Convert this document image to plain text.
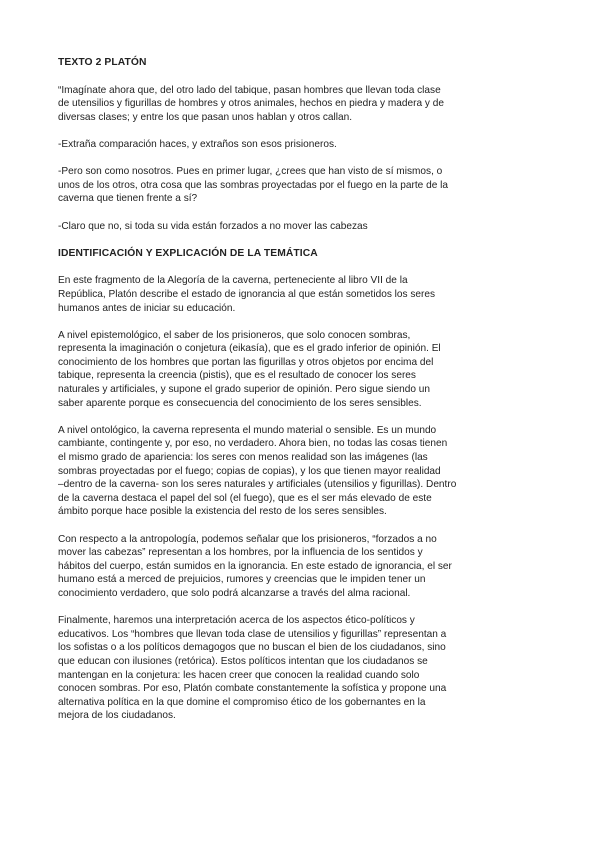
TEXTO 2 PLATÓN
“Imagínate ahora que, del otro lado del tabique, pasan hombres que llevan toda clase
de utensilios y figurillas de hombres y otros animales, hechos en piedra y madera y de
diversas clases; y entre los que pasan unos hablan y otros callan.
-Extraña comparación haces, y extraños son esos prisioneros.
-Pero son como nosotros. Pues en primer lugar, ¿crees que han visto de sí mismos, o
unos de los otros, otra cosa que las sombras proyectadas por el fuego en la parte de la
caverna que tienen frente a sí?
-Claro que no, si toda su vida están forzados a no mover las cabezas
IDENTIFICACIÓN Y EXPLICACIÓN DE LA TEMÁTICA
En este fragmento de la Alegoría de la caverna, perteneciente al libro VII de la
República, Platón describe el estado de ignorancia al que están sometidos los seres
humanos antes de iniciar su educación.
A nivel epistemológico, el saber de los prisioneros, que solo conocen sombras,
representa la imaginación o conjetura (eikasía), que es el grado inferior de opinión. El
conocimiento de los hombres que portan las figurillas y otros objetos por encima del
tabique, representa la creencia (pistis), que es el resultado de conocer los seres
naturales y artificiales, y supone el grado superior de opinión. Pero sigue siendo un
saber aparente porque es consecuencia del conocimiento de los seres sensibles.
A nivel ontológico, la caverna representa el mundo material o sensible. Es un mundo
cambiante, contingente y, por eso, no verdadero. Ahora bien, no todas las cosas tienen
el mismo grado de apariencia: los seres con menos realidad son las imágenes (las
sombras proyectadas por el fuego; copias de copias), y los que tienen mayor realidad
–dentro de la caverna- son los seres naturales y artificiales (utensilios y figurillas). Dentro
de la caverna destaca el papel del sol (el fuego), que es el ser más elevado de este
ámbito porque hace posible la existencia del resto de los seres sensibles.
Con respecto a la antropología, podemos señalar que los prisioneros, “forzados a no
mover las cabezas” representan a los hombres, por la influencia de los sentidos y
hábitos del cuerpo, están sumidos en la ignorancia. En este estado de ignorancia, el ser
humano está a merced de prejuicios, rumores y creencias que le impiden tener un
conocimiento verdadero, que solo podrá alcanzarse a través del alma racional.
Finalmente, haremos una interpretación acerca de los aspectos ético-políticos y
educativos. Los “hombres que llevan toda clase de utensilios y figurillas” representan a
los sofistas o a los políticos demagogos que no buscan el bien de los ciudadanos, sino
que educan con ilusiones (retórica). Estos políticos intentan que los ciudadanos se
mantengan en la conjetura: les hacen creer que conocen la realidad cuando solo
conocen sombras. Por eso, Platón combate constantemente la sofística y propone una
alternativa política en la que domine el compromiso ético de los gobernantes en la
mejora de los ciudadanos.
